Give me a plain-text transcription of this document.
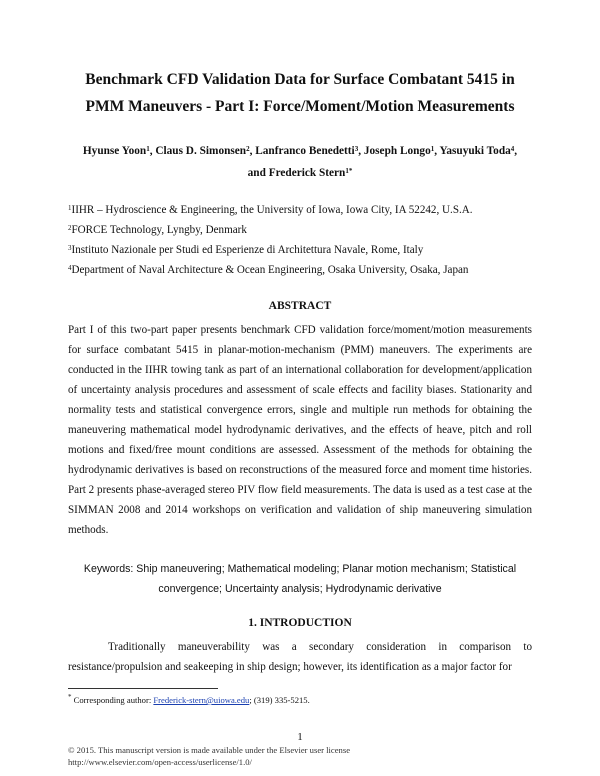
Benchmark CFD Validation Data for Surface Combatant 5415 in
PMM Maneuvers - Part I: Force/Moment/Motion Measurements
Hyunse Yoon$^1$, Claus D. Simonsen$^2$, Lanfranco Benedetti$^3$, Joseph Longo$^1$, Yasuyuki Toda$^4$,
and Frederick Stern$^{1*}$
$^1$IIHR – Hydroscience & Engineering, the University of Iowa, Iowa City, IA 52242, U.S.A.
$^2$FORCE Technology, Lyngby, Denmark
$^3$Instituto Nazionale per Studi ed Esperienze di Architettura Navale, Rome, Italy
$^4$Department of Naval Architecture & Ocean Engineering, Osaka University, Osaka, Japan
ABSTRACT
Part I of this two-part paper presents benchmark CFD validation force/moment/motion measurements for surface combatant 5415 in planar-motion-mechanism (PMM) maneuvers. The experiments are conducted in the IIHR towing tank as part of an international collaboration for development/application of uncertainty analysis procedures and assessment of scale effects and facility biases. Stationarity and normality tests and statistical convergence errors, single and multiple run methods for obtaining the maneuvering mathematical model hydrodynamic derivatives, and the effects of heave, pitch and roll motions and fixed/free mount conditions are assessed. Assessment of the methods for obtaining the hydrodynamic derivatives is based on reconstructions of the measured force and moment time histories. Part 2 presents phase-averaged stereo PIV flow field measurements. The data is used as a test case at the SIMMAN 2008 and 2014 workshops on verification and validation of ship maneuvering simulation methods.
Keywords: Ship maneuvering; Mathematical modeling; Planar motion mechanism; Statistical
convergence; Uncertainty analysis; Hydrodynamic derivative
1. INTRODUCTION
Traditionally maneuverability was a secondary consideration in comparison to resistance/propulsion and seakeeping in ship design; however, its identification as a major factor for
* Corresponding author: Frederick-stern@uiowa.edu; (319) 335-5215.
1
© 2015. This manuscript version is made available under the Elsevier user license
http://www.elsevier.com/open-access/userlicense/1.0/
